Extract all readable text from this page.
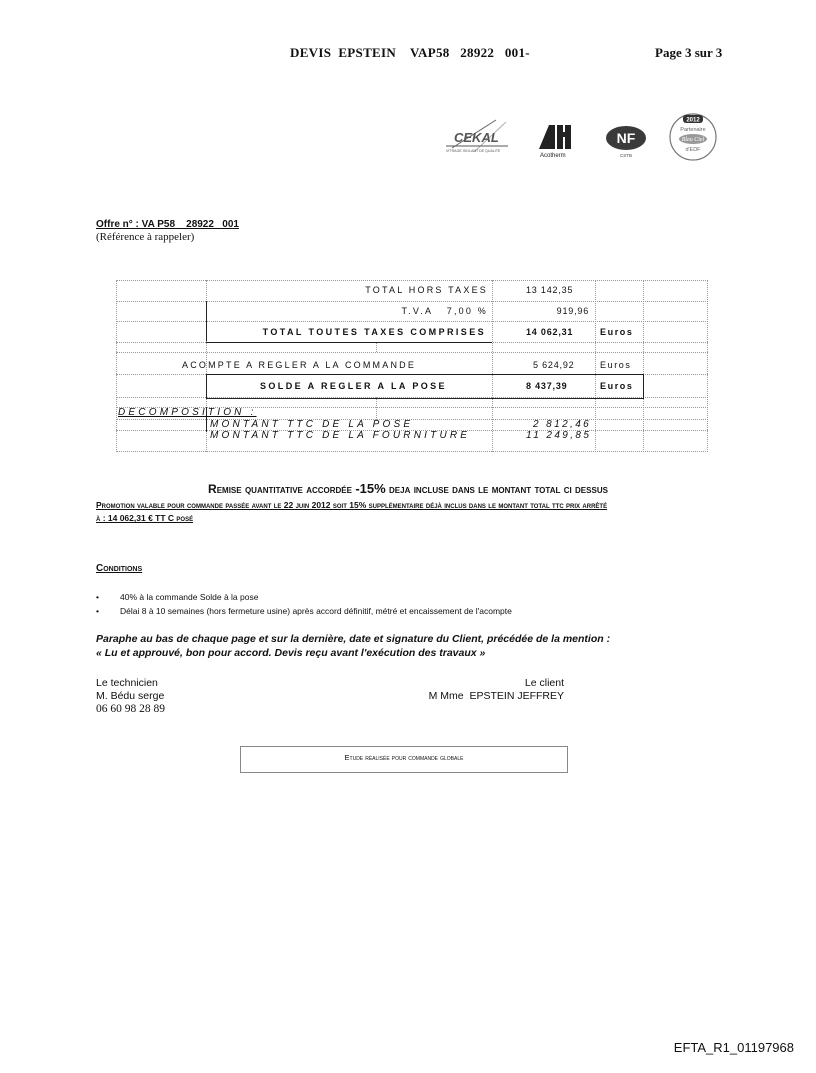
DEVIS  EPSTEIN    VAP58   28922   001-	Page 3 sur 3
CEKAL
VITRAGE ISOLANT DE QUALITE
Acotherm
NF
CSTB
2012
Partenaire
Bleu Ciel
d'EDF
Offre n° : VA P58    28922   001
(Référence à rappeler)
TOTAL HORS TAXES	13 142,35
T.V.A   7,00 %	919,96
TOTAL TOUTES TAXES COMPRISES	14 062,31	Euros
ACOMPTE A REGLER A LA COMMANDE	5 624,92	Euros
SOLDE A REGLER A LA POSE	8 437,39	Euros
DECOMPOSITION :
MONTANT TTC DE LA POSE	2 812,46
MONTANT TTC DE LA FOURNITURE	11 249,85
Remise quantitative accordée -15% deja incluse dans le montant total ci dessus
Promotion valable pour commande passée avant le 22 juin 2012 soit 15% supplémentaire déjà inclus dans le montant total ttc prix arrêté
à : 14 062,31 € TT C posé
Conditions
• 40% à la commande Solde à la pose
• Délai 8 à 10 semaines (hors fermeture usine) après accord définitif, métré et encaissement de l'acompte
Paraphe au bas de chaque page et sur la dernière, date et signature du Client, précédée de la mention :
« Lu et approuvé, bon pour accord. Devis reçu avant l'exécution des travaux »
Le technicien
M. Bédu serge
06 60 98 28 89
Le client
M Mme  EPSTEIN JEFFREY
Etude réalisée pour commande globale
EFTA_R1_01197968
